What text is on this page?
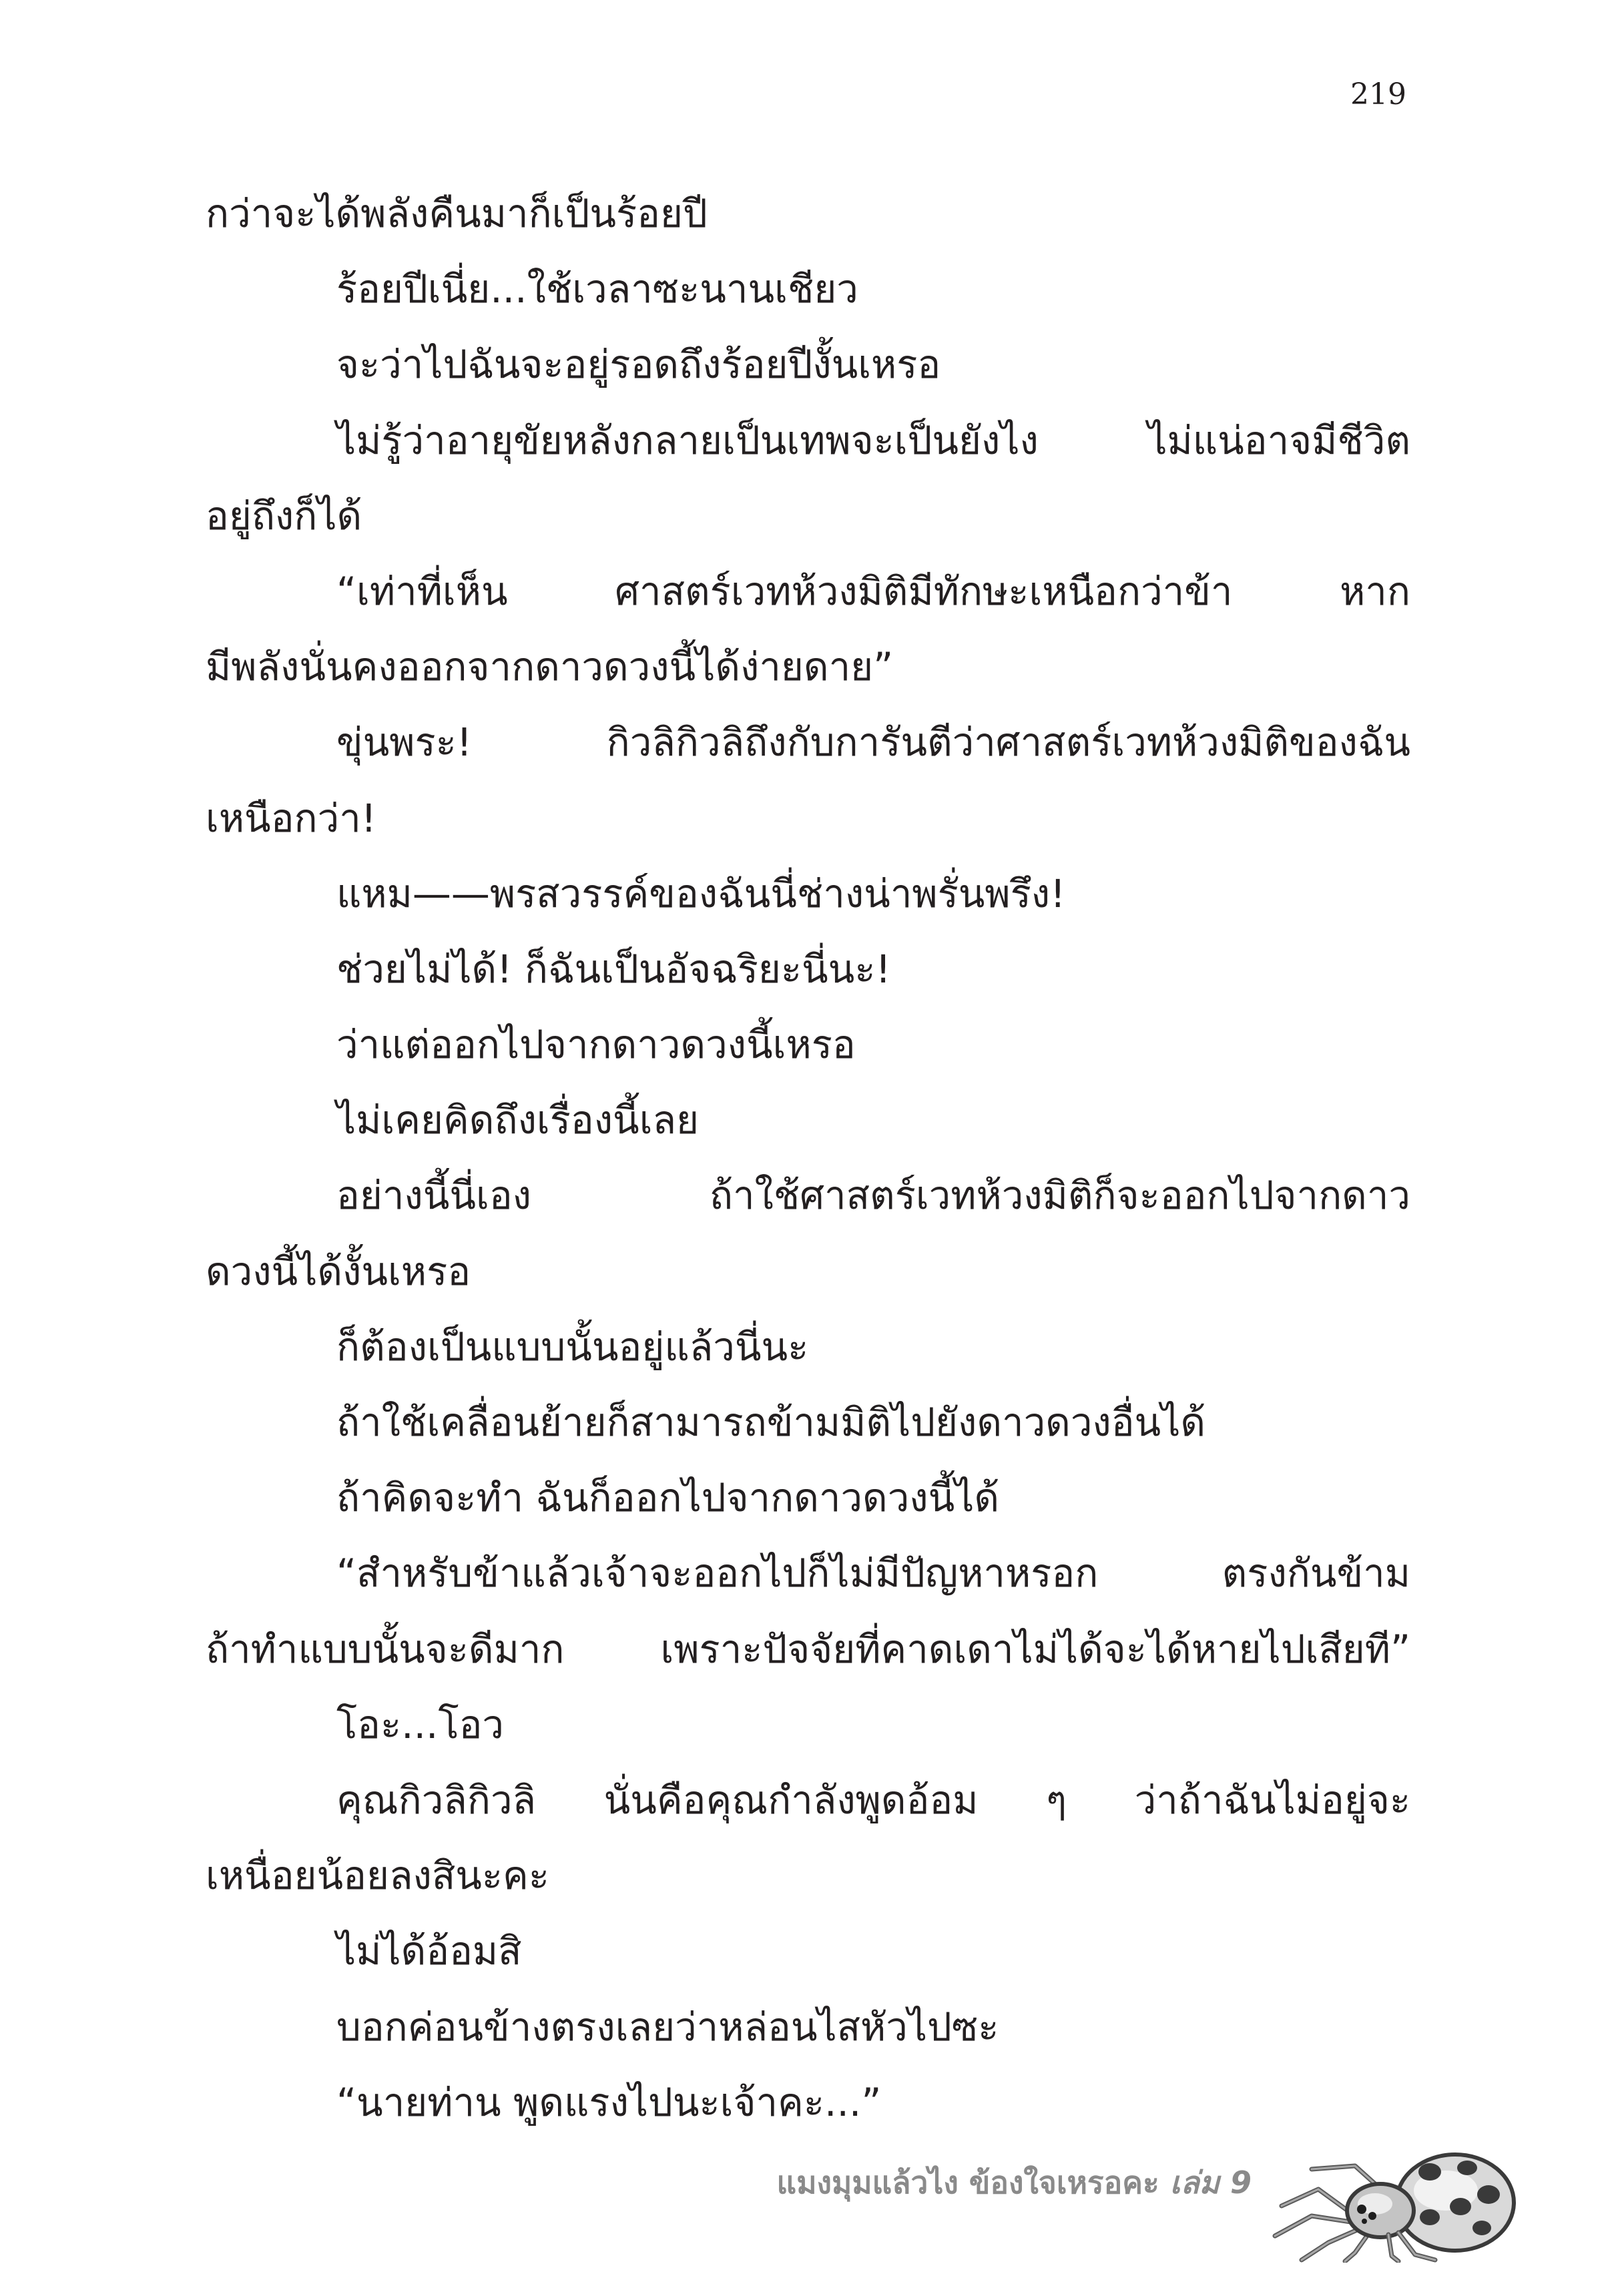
219
กว่าจะได้พลังคืนมาก็เป็นร้อยปี
ร้อยปีเนี่ย...ใช้เวลาซะนานเชียว
จะว่าไปฉันจะอยู่รอดถึงร้อยปีงั้นเหรอ
ไม่รู้ว่าอายุขัยหลังกลายเป็นเทพจะเป็นยังไง ไม่แน่อาจมีชีวิต
อยู่ถึงก็ได้
“เท่าที่เห็น ศาสตร์เวทห้วงมิติมีทักษะเหนือกว่าข้า หาก
มีพลังนั่นคงออกจากดาวดวงนี้ได้ง่ายดาย”
ขุ่นพระ! กิวลิกิวลิถึงกับการันตีว่าศาสตร์เวทห้วงมิติของฉัน
เหนือกว่า!
แหม——พรสวรรค์ของฉันนี่ช่างน่าพรั่นพรึง!
ช่วยไม่ได้! ก็ฉันเป็นอัจฉริยะนี่นะ!
ว่าแต่ออกไปจากดาวดวงนี้เหรอ
ไม่เคยคิดถึงเรื่องนี้เลย
อย่างนี้นี่เอง ถ้าใช้ศาสตร์เวทห้วงมิติก็จะออกไปจากดาว
ดวงนี้ได้งั้นเหรอ
ก็ต้องเป็นแบบนั้นอยู่แล้วนี่นะ
ถ้าใช้เคลื่อนย้ายก็สามารถข้ามมิติไปยังดาวดวงอื่นได้
ถ้าคิดจะทำ ฉันก็ออกไปจากดาวดวงนี้ได้
“สำหรับข้าแล้วเจ้าจะออกไปก็ไม่มีปัญหาหรอก ตรงกันข้าม
ถ้าทำแบบนั้นจะดีมาก เพราะปัจจัยที่คาดเดาไม่ได้จะได้หายไปเสียที”
โอะ...โอว
คุณกิวลิกิวลิ นั่นคือคุณกำลังพูดอ้อม ๆ ว่าถ้าฉันไม่อยู่จะ
เหนื่อยน้อยลงสินะคะ
ไม่ได้อ้อมสิ
บอกค่อนข้างตรงเลยว่าหล่อนไสหัวไปซะ
“นายท่าน พูดแรงไปนะเจ้าคะ...”
แมงมุมแล้วไง ข้องใจเหรอคะ เล่ม 9
